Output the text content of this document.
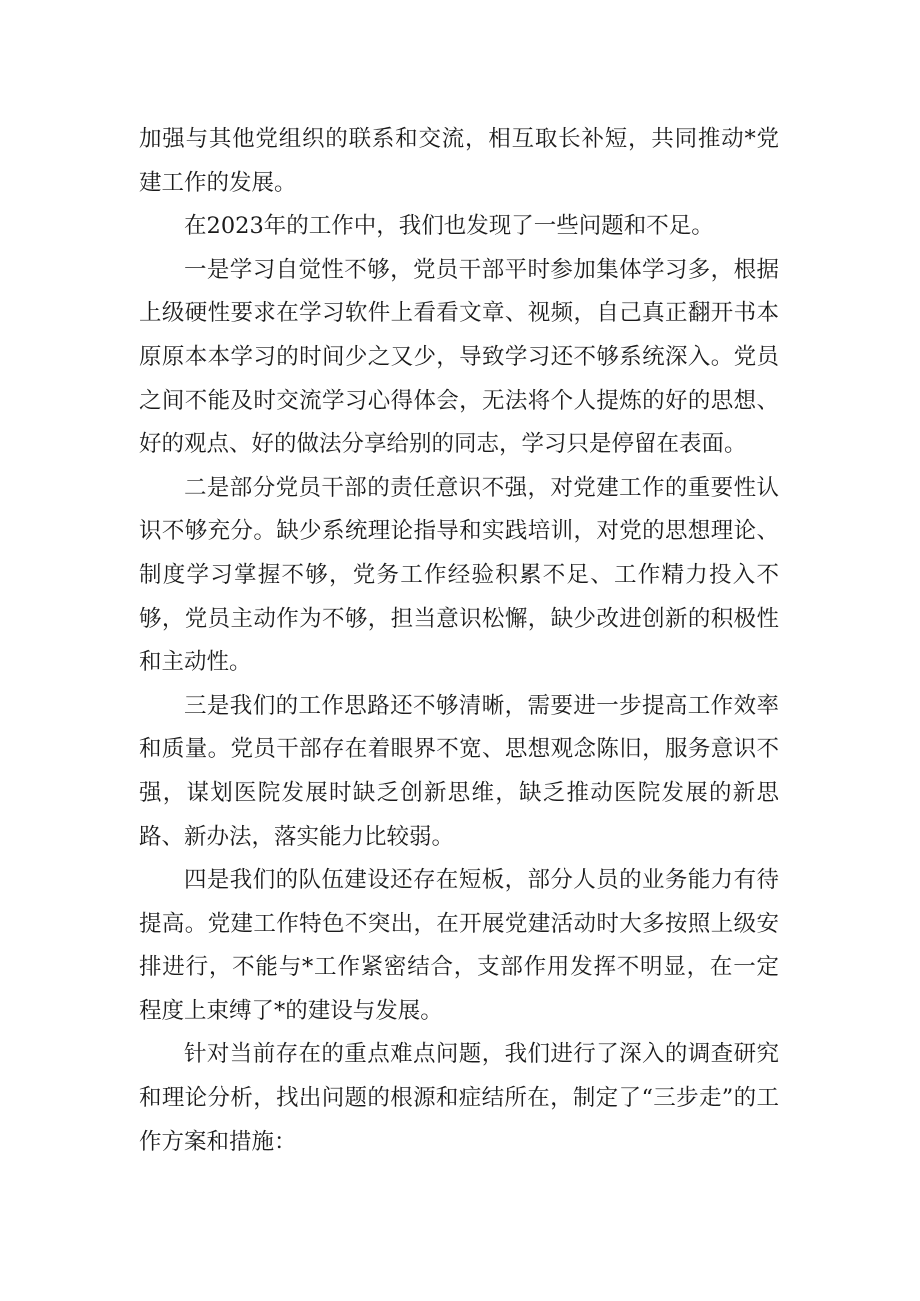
加强与其他党组织的联系和交流，相互取长补短，共同推动*党建工作的发展。

在2023年的工作中，我们也发现了一些问题和不足。

一是学习自觉性不够，党员干部平时参加集体学习多，根据上级硬性要求在学习软件上看看文章、视频，自己真正翻开书本原原本本学习的时间少之又少，导致学习还不够系统深入。党员之间不能及时交流学习心得体会，无法将个人提炼的好的思想、好的观点、好的做法分享给别的同志，学习只是停留在表面。

二是部分党员干部的责任意识不强，对党建工作的重要性认识不够充分。缺少系统理论指导和实践培训，对党的思想理论、制度学习掌握不够，党务工作经验积累不足、工作精力投入不够，党员主动作为不够，担当意识松懈，缺少改进创新的积极性和主动性。

三是我们的工作思路还不够清晰，需要进一步提高工作效率和质量。党员干部存在着眼界不宽、思想观念陈旧，服务意识不强，谋划医院发展时缺乏创新思维，缺乏推动医院发展的新思路、新办法，落实能力比较弱。

四是我们的队伍建设还存在短板，部分人员的业务能力有待提高。党建工作特色不突出，在开展党建活动时大多按照上级安排进行，不能与*工作紧密结合，支部作用发挥不明显，在一定程度上束缚了*的建设与发展。

针对当前存在的重点难点问题，我们进行了深入的调查研究和理论分析，找出问题的根源和症结所在，制定了“三步走”的工作方案和措施：
